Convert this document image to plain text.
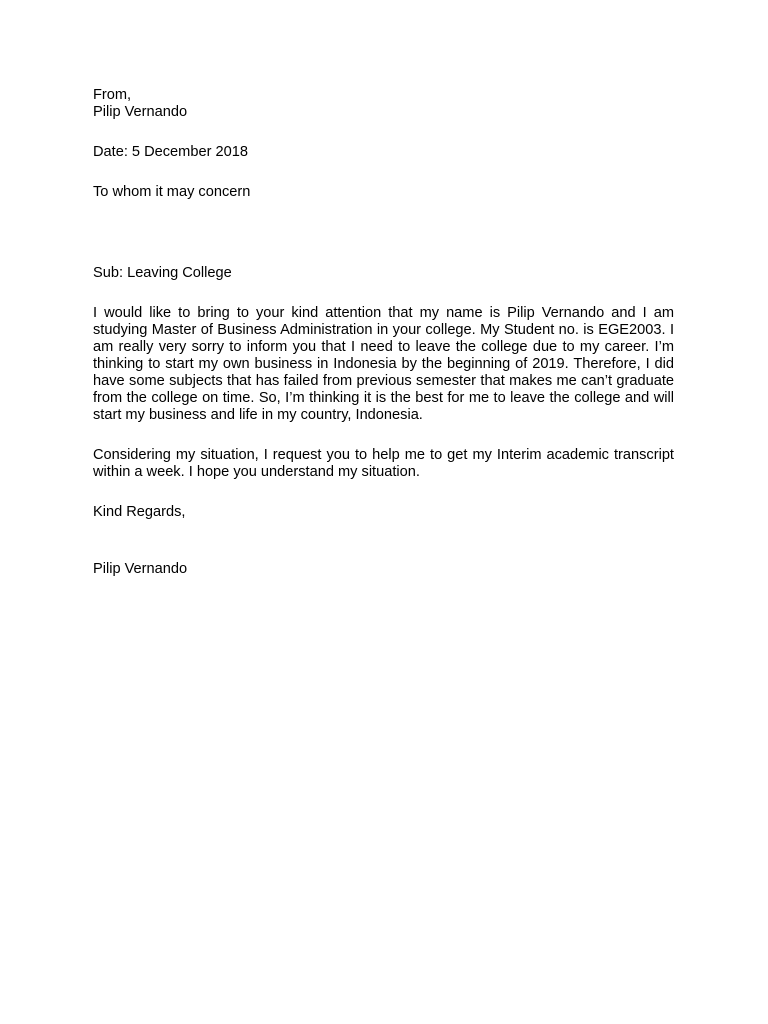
From,
Pilip Vernando
Date: 5 December 2018
To whom it may concern
Sub: Leaving College

I would like to bring to your kind attention that my name is Pilip Vernando and I am studying Master of Business Administration in your college. My Student no. is EGE2003. I am really very sorry to inform you that I need to leave the college due to my career. I’m thinking to start my own business in Indonesia by the beginning of 2019. Therefore, I did have some subjects that has failed from previous semester that makes me can’t graduate from the college on time. So, I’m thinking it is the best for me to leave the college and will start my business and life in my country, Indonesia.

Considering my situation, I request you to help me to get my Interim academic transcript within a week. I hope you understand my situation.

Kind Regards,
Pilip Vernando
